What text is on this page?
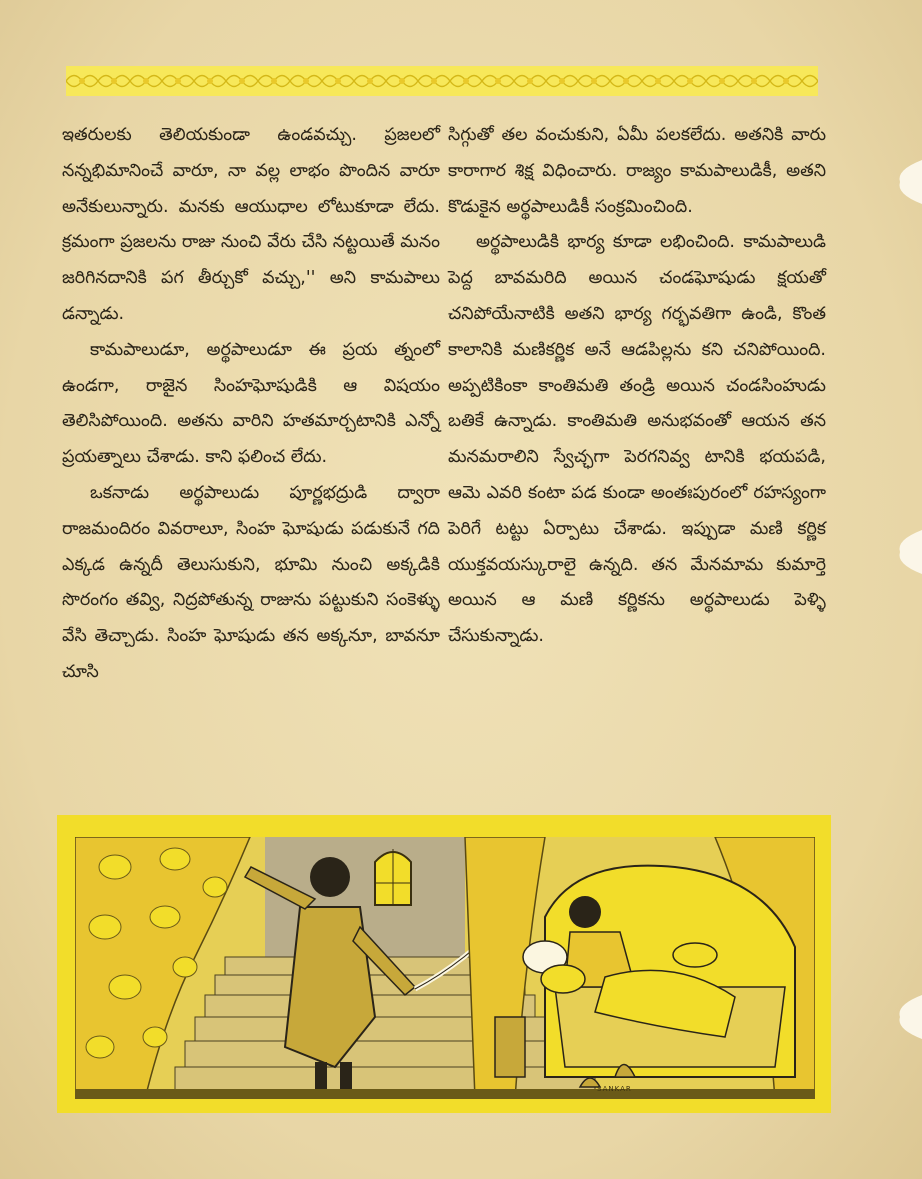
ఇతరులకు తెలియకుండా ఉండవచ్చు. ప్రజలలో నన్నభిమానించే వారూ, నా వల్ల లాభం పొందిన వారూ అనేకులున్నారు. మనకు ఆయుధాల లోటుకూడా లేదు. క్రమంగా ప్రజలను రాజు నుంచి వేరు చేసి నట్టయితే మనం జరిగినదానికి పగ తీర్చుకో వచ్చు,'' అని కామపాలు డన్నాడు.

కామపాలుడూ, అర్థపాలుడూ ఈ ప్రయ త్నంలో ఉండగా, రాజైన సింహఘోషుడికి ఆ విషయం తెలిసిపోయింది. అతను వారిని హతమార్చటానికి ఎన్నో ప్రయత్నాలు చేశాడు. కాని ఫలించ లేదు.

ఒకనాడు అర్థపాలుడు పూర్ణభద్రుడి ద్వారా రాజమందిరం వివరాలూ, సింహ ఘోషుడు పడుకునే గది ఎక్కడ ఉన్నదీ తెలుసుకుని, భూమి నుంచి అక్కడికి సొరంగం తవ్వి, నిద్రపోతున్న రాజును పట్టుకుని సంకెళ్ళు వేసి తెచ్చాడు. సింహ ఘోషుడు తన అక్కనూ, బావనూ చూసి

సిగ్గుతో తల వంచుకుని, ఏమీ పలకలేదు. అతనికి వారు కారాగార శిక్ష విధించారు. రాజ్యం కామపాలుడికీ, అతని కొడుకైన అర్థపాలుడికీ సంక్రమించింది.

అర్థపాలుడికి భార్య కూడా లభించింది. కామపాలుడి పెద్ద బావమరిది అయిన చండఘోషుడు క్షయతో చనిపోయేనాటికి అతని భార్య గర్భవతిగా ఉండి, కొంత కాలానికి మణికర్ణిక అనే ఆడపిల్లను కని చనిపోయింది. అప్పటికింకా కాంతిమతి తండ్రి అయిన చండసింహుడు బతికే ఉన్నాడు. కాంతిమతి అనుభవంతో ఆయన తన మనమరాలిని స్వేచ్ఛగా పెరగనివ్వ టానికి భయపడి, ఆమె ఎవరి కంటా పడ కుండా అంతఃపురంలో రహస్యంగా పెరిగే టట్టు ఏర్పాటు చేశాడు. ఇప్పుడా మణి కర్ణిక యుక్తవయస్కురాలై ఉన్నది. తన మేనమామ కుమార్తె అయిన ఆ మణి కర్ణికను అర్థపాలుడు పెళ్ళి చేసుకున్నాడు.

SANKAR
